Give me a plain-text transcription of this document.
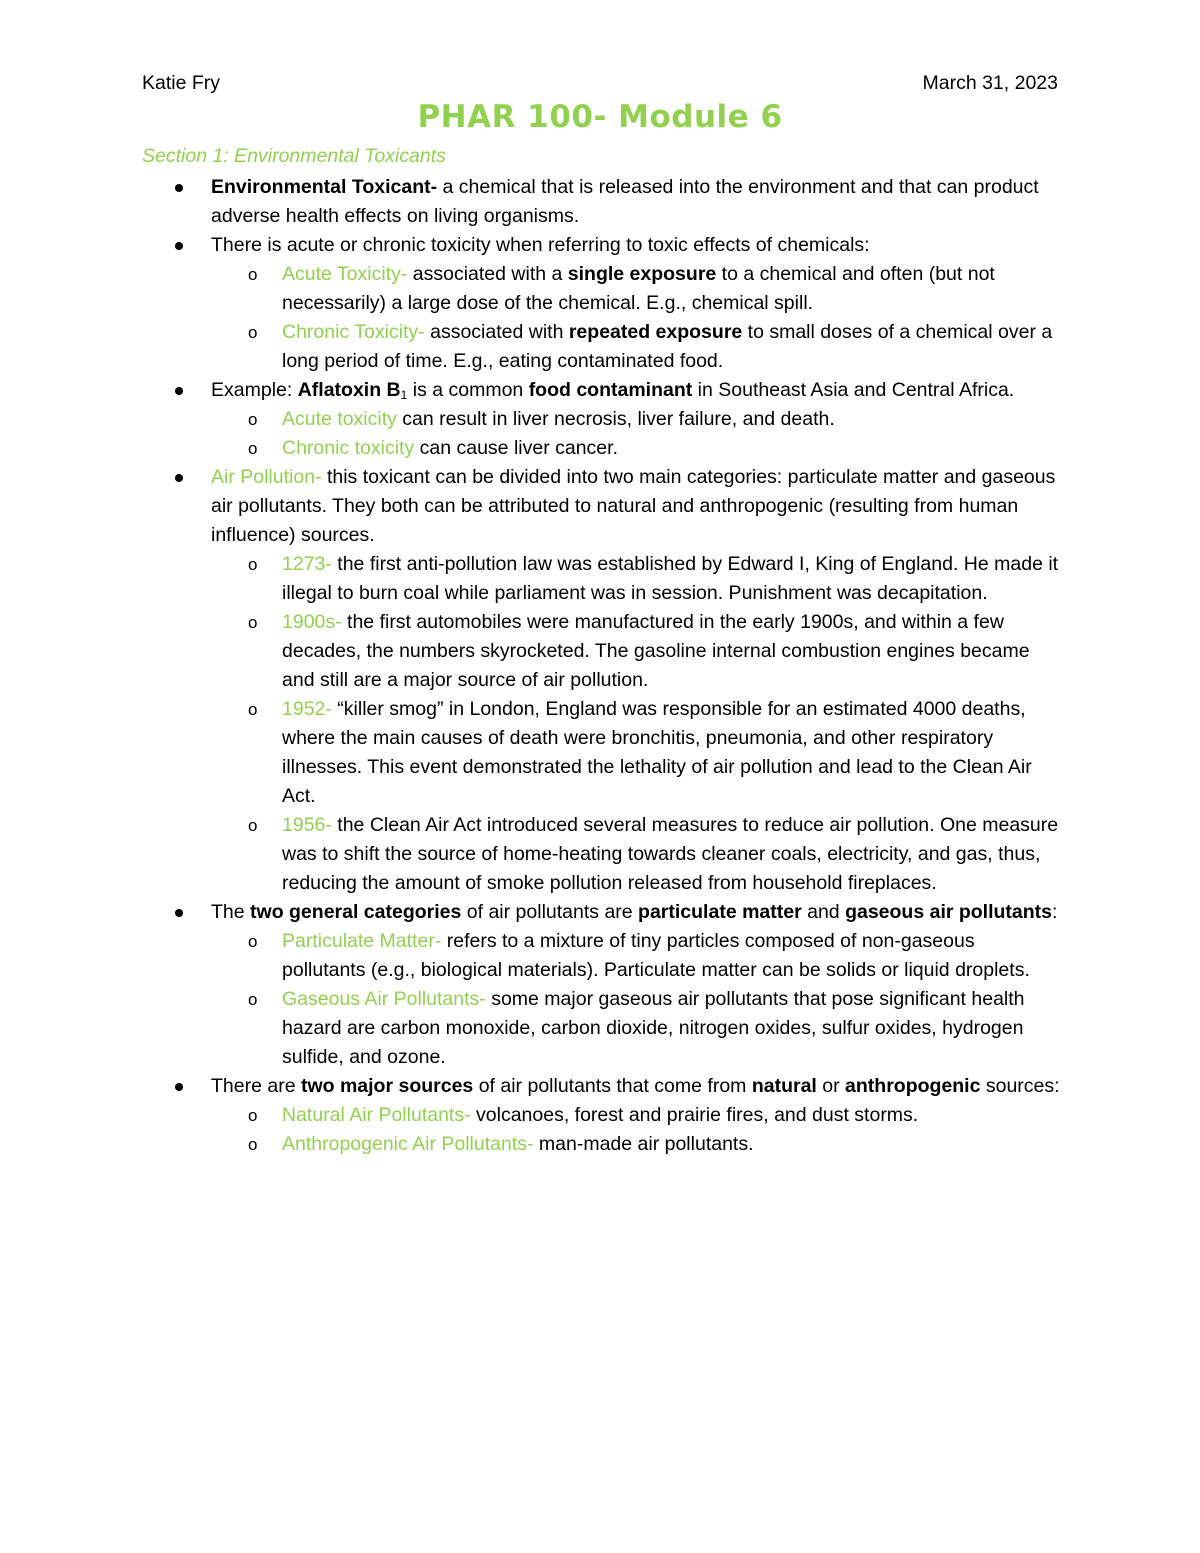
Katie Fry	March 31, 2023
PHAR 100- Module 6
Section 1: Environmental Toxicants
Environmental Toxicant- a chemical that is released into the environment and that can product adverse health effects on living organisms.
There is acute or chronic toxicity when referring to toxic effects of chemicals:
o Acute Toxicity- associated with a single exposure to a chemical and often (but not necessarily) a large dose of the chemical. E.g., chemical spill.
o Chronic Toxicity- associated with repeated exposure to small doses of a chemical over a long period of time. E.g., eating contaminated food.
Example: Aflatoxin $B_1$ is a common food contaminant in Southeast Asia and Central Africa.
o Acute toxicity can result in liver necrosis, liver failure, and death.
o Chronic toxicity can cause liver cancer.
Air Pollution- this toxicant can be divided into two main categories: particulate matter and gaseous air pollutants. They both can be attributed to natural and anthropogenic (resulting from human influence) sources.
o 1273- the first anti-pollution law was established by Edward I, King of England. He made it illegal to burn coal while parliament was in session. Punishment was decapitation.
o 1900s- the first automobiles were manufactured in the early 1900s, and within a few decades, the numbers skyrocketed. The gasoline internal combustion engines became and still are a major source of air pollution.
o 1952- “killer smog” in London, England was responsible for an estimated 4000 deaths, where the main causes of death were bronchitis, pneumonia, and other respiratory illnesses. This event demonstrated the lethality of air pollution and lead to the Clean Air Act.
o 1956- the Clean Air Act introduced several measures to reduce air pollution. One measure was to shift the source of home-heating towards cleaner coals, electricity, and gas, thus, reducing the amount of smoke pollution released from household fireplaces.
The two general categories of air pollutants are particulate matter and gaseous air pollutants:
o Particulate Matter- refers to a mixture of tiny particles composed of non-gaseous pollutants (e.g., biological materials). Particulate matter can be solids or liquid droplets.
o Gaseous Air Pollutants- some major gaseous air pollutants that pose significant health hazard are carbon monoxide, carbon dioxide, nitrogen oxides, sulfur oxides, hydrogen sulfide, and ozone.
There are two major sources of air pollutants that come from natural or anthropogenic sources:
o Natural Air Pollutants- volcanoes, forest and prairie fires, and dust storms.
o Anthropogenic Air Pollutants- man-made air pollutants.
